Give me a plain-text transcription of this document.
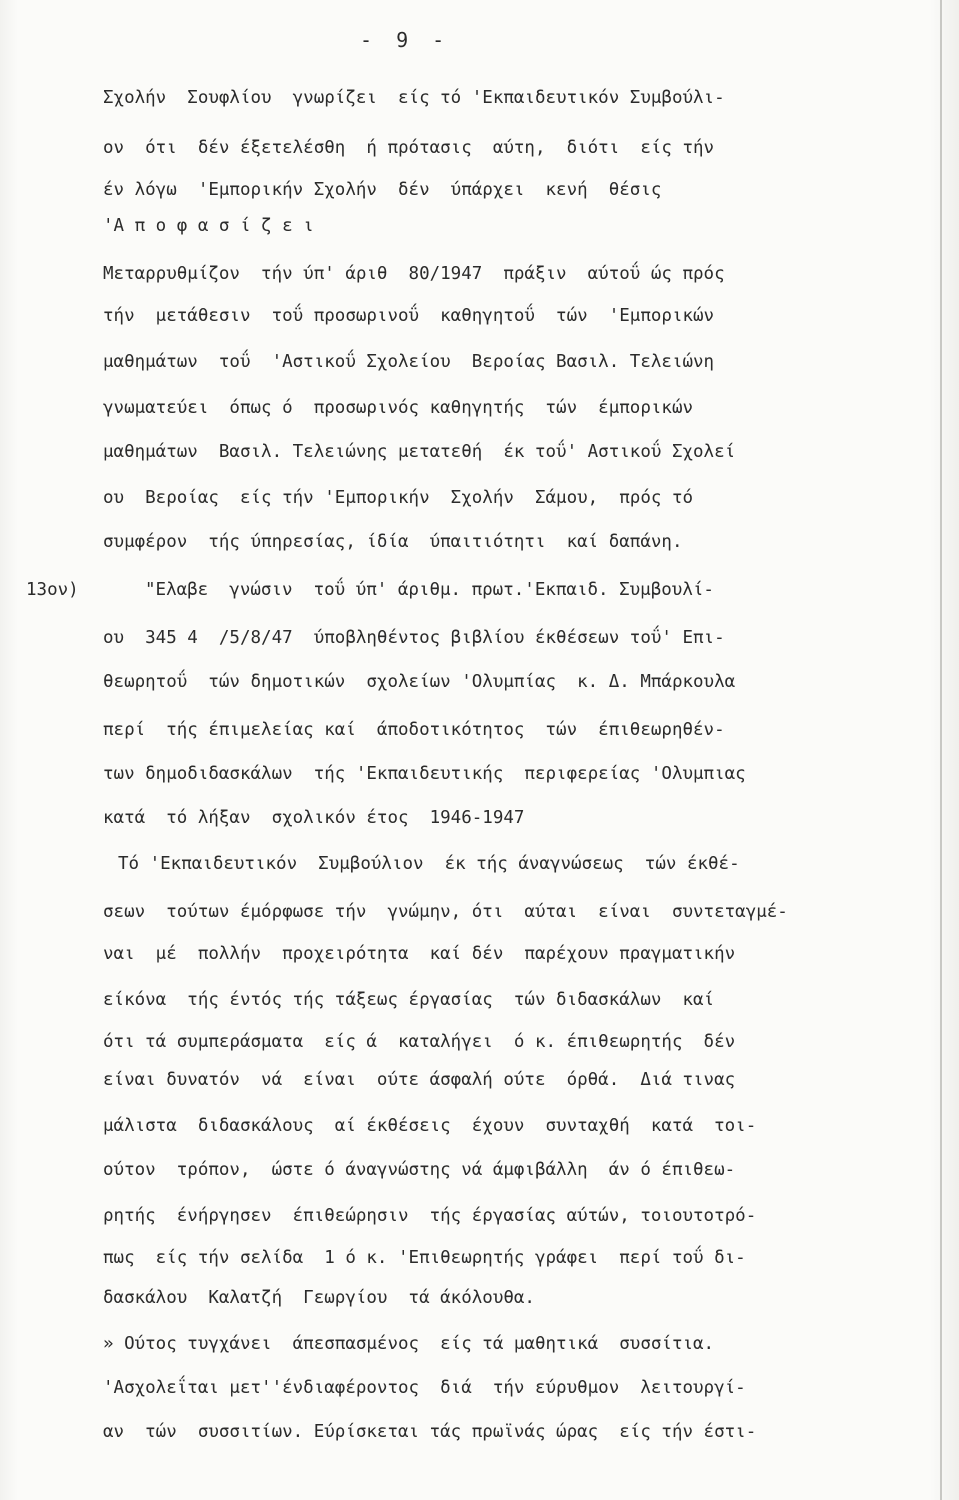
- 9 -
Σχολήν  Σουφλίου  γνωρίζει  είς τό 'Εκπαιδευτικόν Συμβούλι-
ον  ότι  δέν έξετελέσθη  ή πρότασις  αύτη,  διότι  είς τήν
έν λόγω  'Εμπορικήν Σχολήν  δέν  ύπάρχει  κενή  θέσις
'Α π ο φ α σ ί ζ ε ι
Μεταρρυθμίζον  τήν ύπ' άριθ  80/1947  πράξιν  αύτοΰ ώς πρός
τήν  μετάθεσιν  τοΰ προσωρινοΰ  καθηγητοΰ  τών  'Εμπορικών
μαθημάτων  τοΰ  'Αστικοΰ Σχολείου  Βεροίας Βασιλ. Τελειώνη
γνωματεύει  όπως ό  προσωρινός καθηγητής  τών  έμπορικών
μαθημάτων  Βασιλ. Τελειώνης μετατεθή  έκ τοΰ' Αστικοΰ Σχολεί
ου  Βεροίας  είς τήν 'Εμπορικήν  Σχολήν  Σάμου,  πρός τό
συμφέρον  τής ύπηρεσίας, ίδία  ύπαιτιότητι  καί δαπάνη.
13ον)	"Ελαβε  γνώσιν  τοΰ ύπ' άριθμ. πρωτ.'Εκπαιδ. Συμβουλί-
ου  345 4  /5/8/47  ύποβληθέντος βιβλίου έκθέσεων τοΰ' Επι-
θεωρητοΰ  τών δημοτικών  σχολείων 'Ολυμπίας  κ. Δ. Μπάρκουλα
περί  τής έπιμελείας καί  άποδοτικότητος  τών  έπιθεωρηθέν-
των δημοδιδασκάλων  τής 'Εκπαιδευτικής  περιφερείας 'Ολυμπιας
κατά  τό λήξαν  σχολικόν έτος  1946-1947
Τό 'Εκπαιδευτικόν  Συμβούλιον  έκ τής άναγνώσεως  τών έκθέ-
σεων  τούτων έμόρφωσε τήν  γνώμην, ότι  αύται  είναι  συντεταγμέ-
ναι  μέ  πολλήν  προχειρότητα  καί δέν  παρέχουν πραγματικήν
είκόνα  τής έντός τής τάξεως έργασίας  τών διδασκάλων  καί
ότι τά συμπεράσματα  είς ά  καταλήγει  ό κ. έπιθεωρητής  δέν
είναι δυνατόν  νά  είναι  ούτε άσφαλή ούτε  όρθά.  Διά τινας
μάλιστα  διδασκάλους  αί έκθέσεις  έχουν  συνταχθή  κατά  τοι-
ούτον  τρόπον,  ώστε ό άναγνώστης νά άμφιβάλλη  άν ό έπιθεω-
ρητής  ένήργησεν  έπιθεώρησιν  τής έργασίας αύτών, τοιουτοτρό-
πως  είς τήν σελίδα  1 ό κ. 'Επιθεωρητής γράφει  περί τοΰ δι-
δασκάλου  Καλατζή  Γεωργίου  τά άκόλουθα.
» Ούτος τυγχάνει  άπεσπασμένος  είς τά μαθητικά  συσσίτια.
'Ασχολεΐται μετ''ένδιαφέροντος  διά  τήν εύρυθμον  λειτουργί-
αν  τών  συσσιτίων. Εύρίσκεται τάς πρωϊνάς ώρας  είς τήν έστι-
